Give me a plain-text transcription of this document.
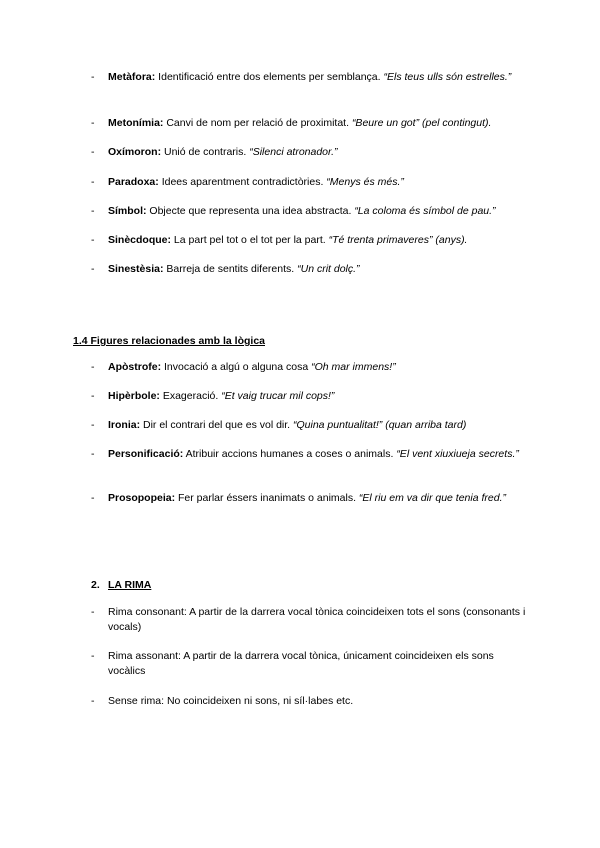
-	Metàfora: Identificació entre dos elements per semblança. “Els teus ulls són estrelles.”
-	Metonímia: Canvi de nom per relació de proximitat. “Beure un got” (pel contingut).
-	Oxímoron: Unió de contraris. “Silenci atronador.”
-	Paradoxa: Idees aparentment contradictòries. “Menys és més.”
-	Símbol: Objecte que representa una idea abstracta. “La coloma és símbol de pau.”
-	Sinècdoque: La part pel tot o el tot per la part. “Té trenta primaveres” (anys).
-	Sinestèsia: Barreja de sentits diferents. “Un crit dolç.”
1.4 Figures relacionades amb la lògica
-	Apòstrofe: Invocació a algú o alguna cosa “Oh mar immens!”
-	Hipèrbole: Exageració. “Et vaig trucar mil cops!”
-	Ironia: Dir el contrari del que es vol dir. “Quina puntualitat!” (quan arriba tard)
-	Personificació: Atribuir accions humanes a coses o animals. “El vent xiuxiueja secrets.”
-	Prosopopeia: Fer parlar éssers inanimats o animals. “El riu em va dir que tenia fred.”
2. LA RIMA
-	Rima consonant: A partir de la darrera vocal tònica coincideixen tots el sons (consonants i vocals)
-	Rima assonant: A partir de la darrera vocal tònica, únicament coincideixen els sons vocàlics
-	Sense rima: No coincideixen ni sons, ni síl·labes etc.
